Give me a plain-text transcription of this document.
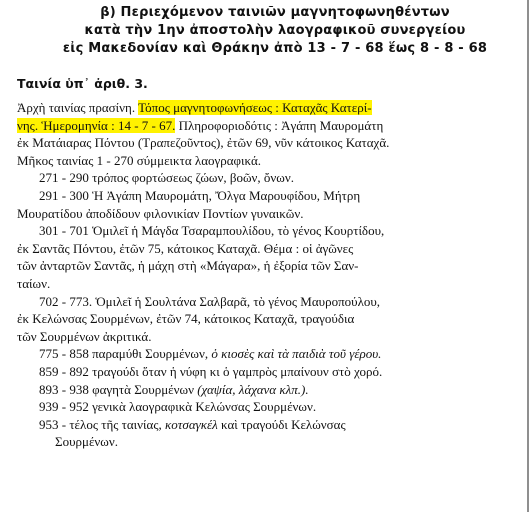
β) Περιεχόμενον ταινιῶν μαγνητοφωνηθέντων
κατὰ τὴν 1ην ἀποστολὴν λαογραφικοῦ συνεργείου
εἰς Μακεδονίαν καὶ Θράκην ἀπὸ 13 - 7 - 68 ἕως 8 - 8 - 68
Ταινία ὑπ᾽ ἀριθ. 3.
Ἀρχὴ ταινίας πρασίνη. Τόπος μαγνητοφωνήσεως : Καταχᾶς Κατερί-
νης. Ἡμερομηνία : 14 - 7 - 67. Πληροφοριοδότις : Ἀγάπη Μαυρομάτη
ἐκ Ματάιαρας Πόντου (Τραπεζοῦντος), ἐτῶν 69, νῦν κάτοικος Καταχᾶ.
Μῆκος ταινίας 1 - 270 σύμμεικτα λαογραφικά.
271 - 290 τρόπος φορτώσεως ζώων, βοῶν, ὄνων.
291 - 300 Ἡ Ἀγάπη Μαυρομάτη, Ὄλγα Μαρουφίδου, Μήτρη
Μουρατίδου ἀποδίδουν φιλονικίαν Ποντίων γυναικῶν.
301 - 701 Ὁμιλεῖ ἡ Μάγδα Τσαραμπουλίδου, τὸ γένος Κουρτίδου,
ἐκ Σαντᾶς Πόντου, ἐτῶν 75, κάτοικος Καταχᾶ. Θέμα : οἱ ἀγῶνες
τῶν ἀνταρτῶν Σαντᾶς, ἡ μάχη στὴ «Μάγαρα», ἡ ἐξορία τῶν Σαν-
ταίων.
702 - 773. Ὁμιλεῖ ἡ Σουλτάνα Σαλβαρᾶ, τὸ γένος Μαυροπούλου,
ἐκ Κελώνσας Σουρμένων, ἐτῶν 74, κάτοικος Καταχᾶ, τραγούδια
τῶν Σουρμένων ἀκριτικά.
775 - 858 παραμύθι Σουρμένων, ὁ κιοσὲς καὶ τὰ παιδιὰ τοῦ γέρου.
859 - 892 τραγούδι ὅταν ἡ νύφη κι ὁ γαμπρὸς μπαίνουν στὸ χορό.
893 - 938 φαγητὰ Σουρμένων (χαψία, λάχανα κλπ.).
939 - 952 γενικὰ λαογραφικὰ Κελώνσας Σουρμένων.
953 - τέλος τῆς ταινίας, κοτσαγκέλ καὶ τραγούδι Κελώνσας
Σουρμένων.
